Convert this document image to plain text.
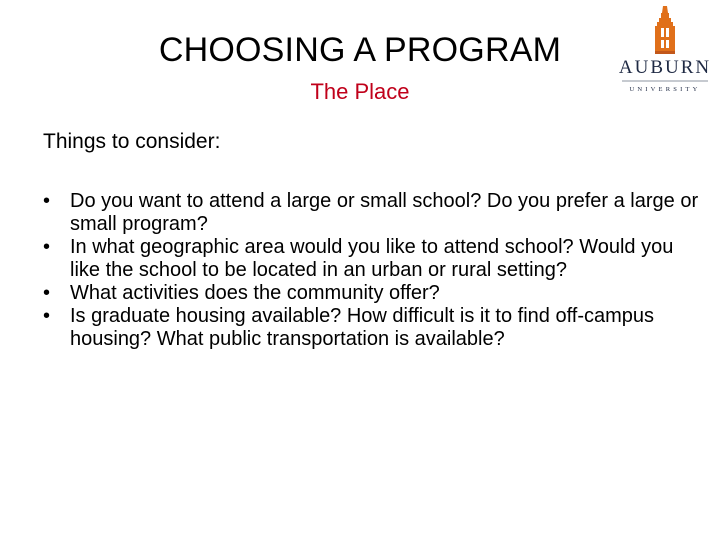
CHOOSING A PROGRAM
The Place
AUBURN
UNIVERSITY
Things to consider:
• Do you want to attend a large or small school? Do you prefer a large or small program?
• In what geographic area would you like to attend school? Would you like the school to be located in an urban or rural setting?
• What activities does the community offer?
• Is graduate housing available? How difficult is it to find off-campus housing? What public transportation is available?
